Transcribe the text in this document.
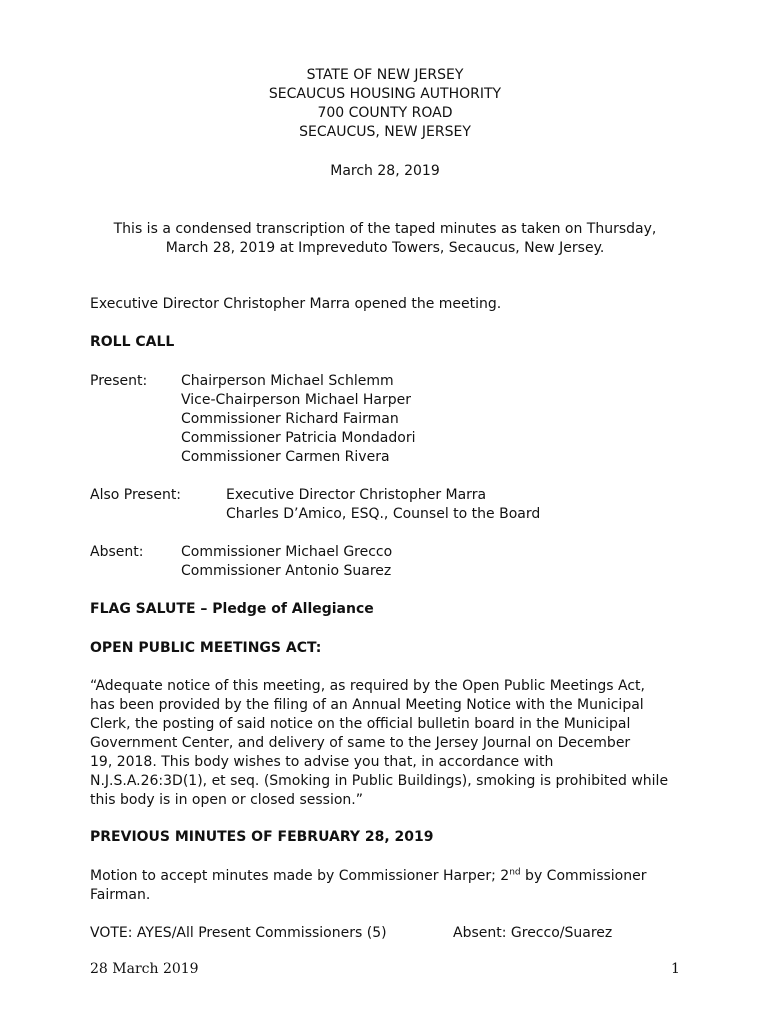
STATE OF NEW JERSEY
SECAUCUS HOUSING AUTHORITY
700 COUNTY ROAD
SECAUCUS, NEW JERSEY
March 28, 2019
This is a condensed transcription of the taped minutes as taken on Thursday,
March 28, 2019 at Impreveduto Towers, Secaucus, New Jersey.
Executive Director Christopher Marra opened the meeting.
ROLL CALL
Present: Chairperson Michael Schlemm
Vice-Chairperson Michael Harper
Commissioner Richard Fairman
Commissioner Patricia Mondadori
Commissioner Carmen Rivera
Also Present:	Executive Director Christopher Marra
Charles D’Amico, ESQ., Counsel to the Board
Absent:	Commissioner Michael Grecco
Commissioner Antonio Suarez
FLAG SALUTE – Pledge of Allegiance
OPEN PUBLIC MEETINGS ACT:
“Adequate notice of this meeting, as required by the Open Public Meetings Act,
has been provided by the filing of an Annual Meeting Notice with the Municipal
Clerk, the posting of said notice on the official bulletin board in the Municipal
Government Center, and delivery of same to the Jersey Journal on December
19, 2018. This body wishes to advise you that, in accordance with
N.J.S.A.26:3D(1), et seq. (Smoking in Public Buildings), smoking is prohibited while
this body is in open or closed session.”
PREVIOUS MINUTES OF FEBRUARY 28, 2019
Motion to accept minutes made by Commissioner Harper; 2nd by Commissioner
Fairman.
VOTE: AYES/All Present Commissioners (5)	Absent: Grecco/Suarez
28 March 2019	1
